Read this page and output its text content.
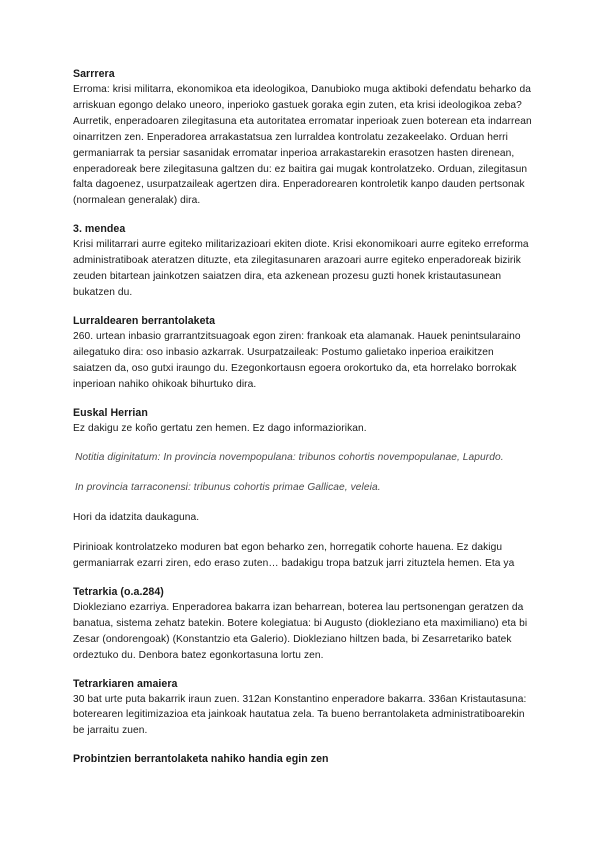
Sarrrera

Erroma: krisi militarra, ekonomikoa eta ideologikoa, Danubioko muga aktiboki defendatu beharko da arriskuan egongo delako uneoro, inperioko gastuek goraka egin zuten, eta krisi ideologikoa zeba? Aurretik, enperadoaren zilegitasuna eta autoritatea erromatar inperioak zuen boterean eta indarrean oinarritzen zen. Enperadorea arrakastatsua zen lurraldea kontrolatu zezakeelako. Orduan herri germaniarrak ta persiar sasanidak erromatar inperioa arrakastarekin erasotzen hasten direnean, enperadoreak bere zilegitasuna galtzen du: ez baitira gai mugak kontrolatzeko. Orduan, zilegitasun falta dagoenez, usurpatzaileak agertzen dira. Enperadorearen kontroletik kanpo dauden pertsonak (normalean generalak) dira.

3. mendea

Krisi militarrari aurre egiteko militarizazioari ekiten diote. Krisi ekonomikoari aurre egiteko erreforma administratiboak ateratzen dituzte, eta zilegitasunaren arazoari aurre egiteko enperadoreak bizirik zeuden bitartean jainkotzen saiatzen dira, eta azkenean prozesu guzti honek kristautasunean bukatzen du.

Lurraldearen berrantolaketa

260. urtean inbasio grarrantzitsuagoak egon ziren: frankoak eta alamanak. Hauek penintsularaino ailegatuko dira: oso inbasio azkarrak. Usurpatzaileak: Postumo galietako inperioa eraikitzen saiatzen da, oso gutxi iraungo du. Ezegonkortausn egoera orokortuko da, eta horrelako borrokak inperioan nahiko ohikoak bihurtuko dira.

Euskal Herrian

Ez dakigu ze koño gertatu zen hemen. Ez dago informaziorikan.

Notitia diginitatum: In provincia novempopulana: tribunos cohortis novempopulanae, Lapurdo.

In provincia tarraconensi: tribunus cohortis primae Gallicae, veleia.

Hori da idatzita daukaguna.

Pirinioak kontrolatzeko moduren bat egon beharko zen, horregatik cohorte hauena. Ez dakigu germaniarrak ezarri ziren, edo eraso zuten… badakigu tropa batzuk jarri zituztela hemen. Eta ya

Tetrarkia (o.a.284)

Diokleziano ezarriya. Enperadorea bakarra izan beharrean, boterea lau pertsonengan geratzen da banatua, sistema zehatz batekin. Botere kolegiatua: bi Augusto (diokleziano eta maximiliano) eta bi Zesar (ondorengoak) (Konstantzio eta Galerio). Diokleziano hiltzen bada, bi Zesarretariko batek ordeztuko du. Denbora batez egonkortasuna lortu zen.

Tetrarkiaren amaiera

30 bat urte puta bakarrik iraun zuen. 312an Konstantino enperadore bakarra. 336an Kristautasuna: boterearen legitimizazioa eta jainkoak hautatua zela. Ta bueno berrantolaketa administratiboarekin be jarraitu zuen.

Probintzien berrantolaketa nahiko handia egin zen
